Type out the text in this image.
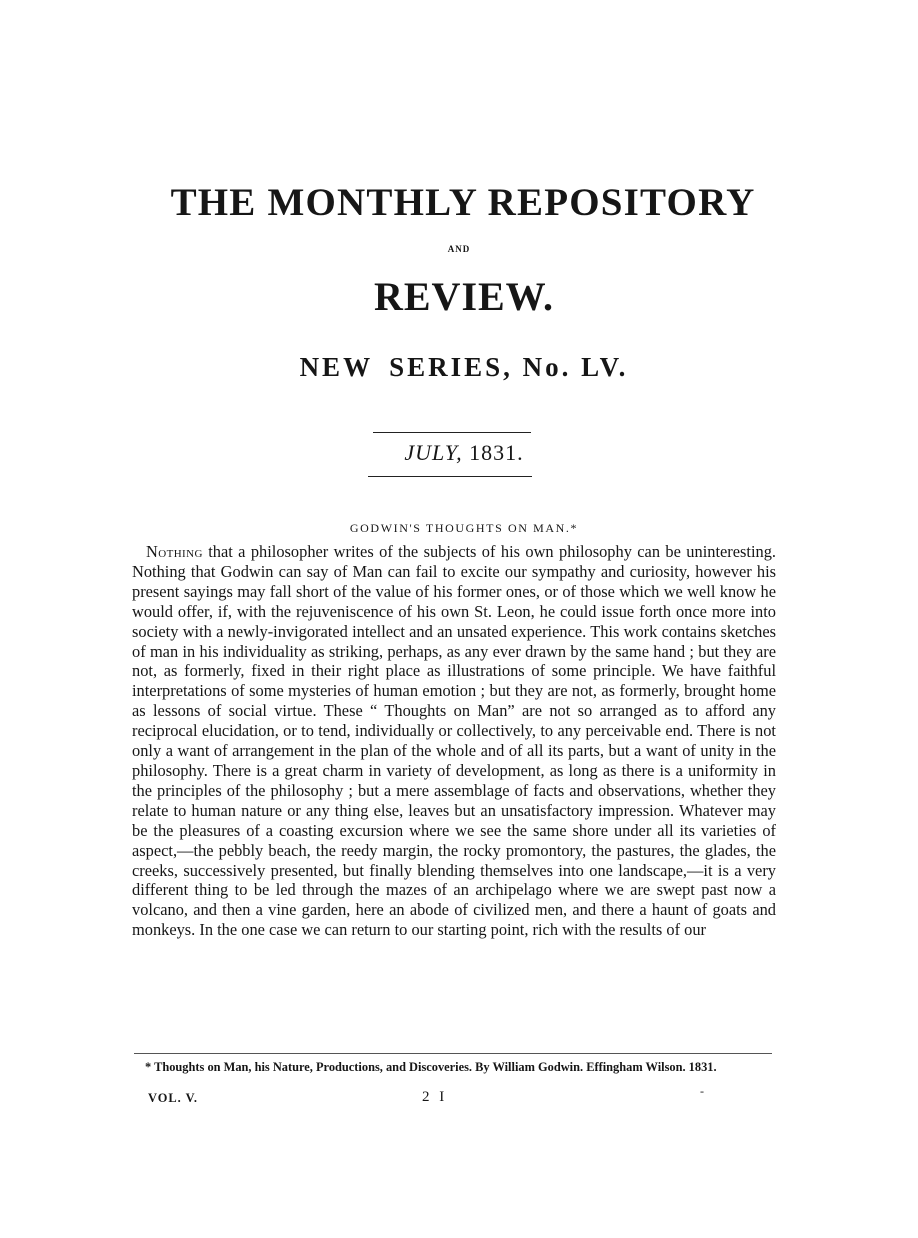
THE MONTHLY REPOSITORY
AND
REVIEW.
NEW SERIES, No. LV.
JULY, 1831.
GODWIN'S THOUGHTS ON MAN.*

Nothing that a philosopher writes of the subjects of his own philosophy can be uninteresting. Nothing that Godwin can say of Man can fail to excite our sympathy and curiosity, however his present sayings may fall short of the value of his former ones, or of those which we well know he would offer, if, with the rejuveniscence of his own St. Leon, he could issue forth once more into society with a newly-invigorated intellect and an unsated experience. This work contains sketches of man in his individuality as striking, perhaps, as any ever drawn by the same hand ; but they are not, as formerly, fixed in their right place as illustrations of some principle. We have faithful interpretations of some mysteries of human emotion ; but they are not, as formerly, brought home as lessons of social virtue. These “ Thoughts on Man” are not so arranged as to afford any reciprocal elucidation, or to tend, individually or collectively, to any perceivable end. There is not only a want of arrangement in the plan of the whole and of all its parts, but a want of unity in the philosophy. There is a great charm in variety of development, as long as there is a uniformity in the principles of the philosophy ; but a mere assemblage of facts and observations, whether they relate to human nature or any thing else, leaves but an unsatisfactory impression. Whatever may be the pleasures of a coasting excursion where we see the same shore under all its varieties of aspect,—the pebbly beach, the reedy margin, the rocky promontory, the pastures, the glades, the creeks, successively presented, but finally blending themselves into one landscape,—it is a very different thing to be led through the mazes of an archipelago where we are swept past now a volcano, and then a vine garden, here an abode of civilized men, and there a haunt of goats and monkeys. In the one case we can return to our starting point, rich with the results of our

* Thoughts on Man, his Nature, Productions, and Discoveries. By William Godwin. Effingham Wilson. 1831.

VOL. V.	2 I	-
